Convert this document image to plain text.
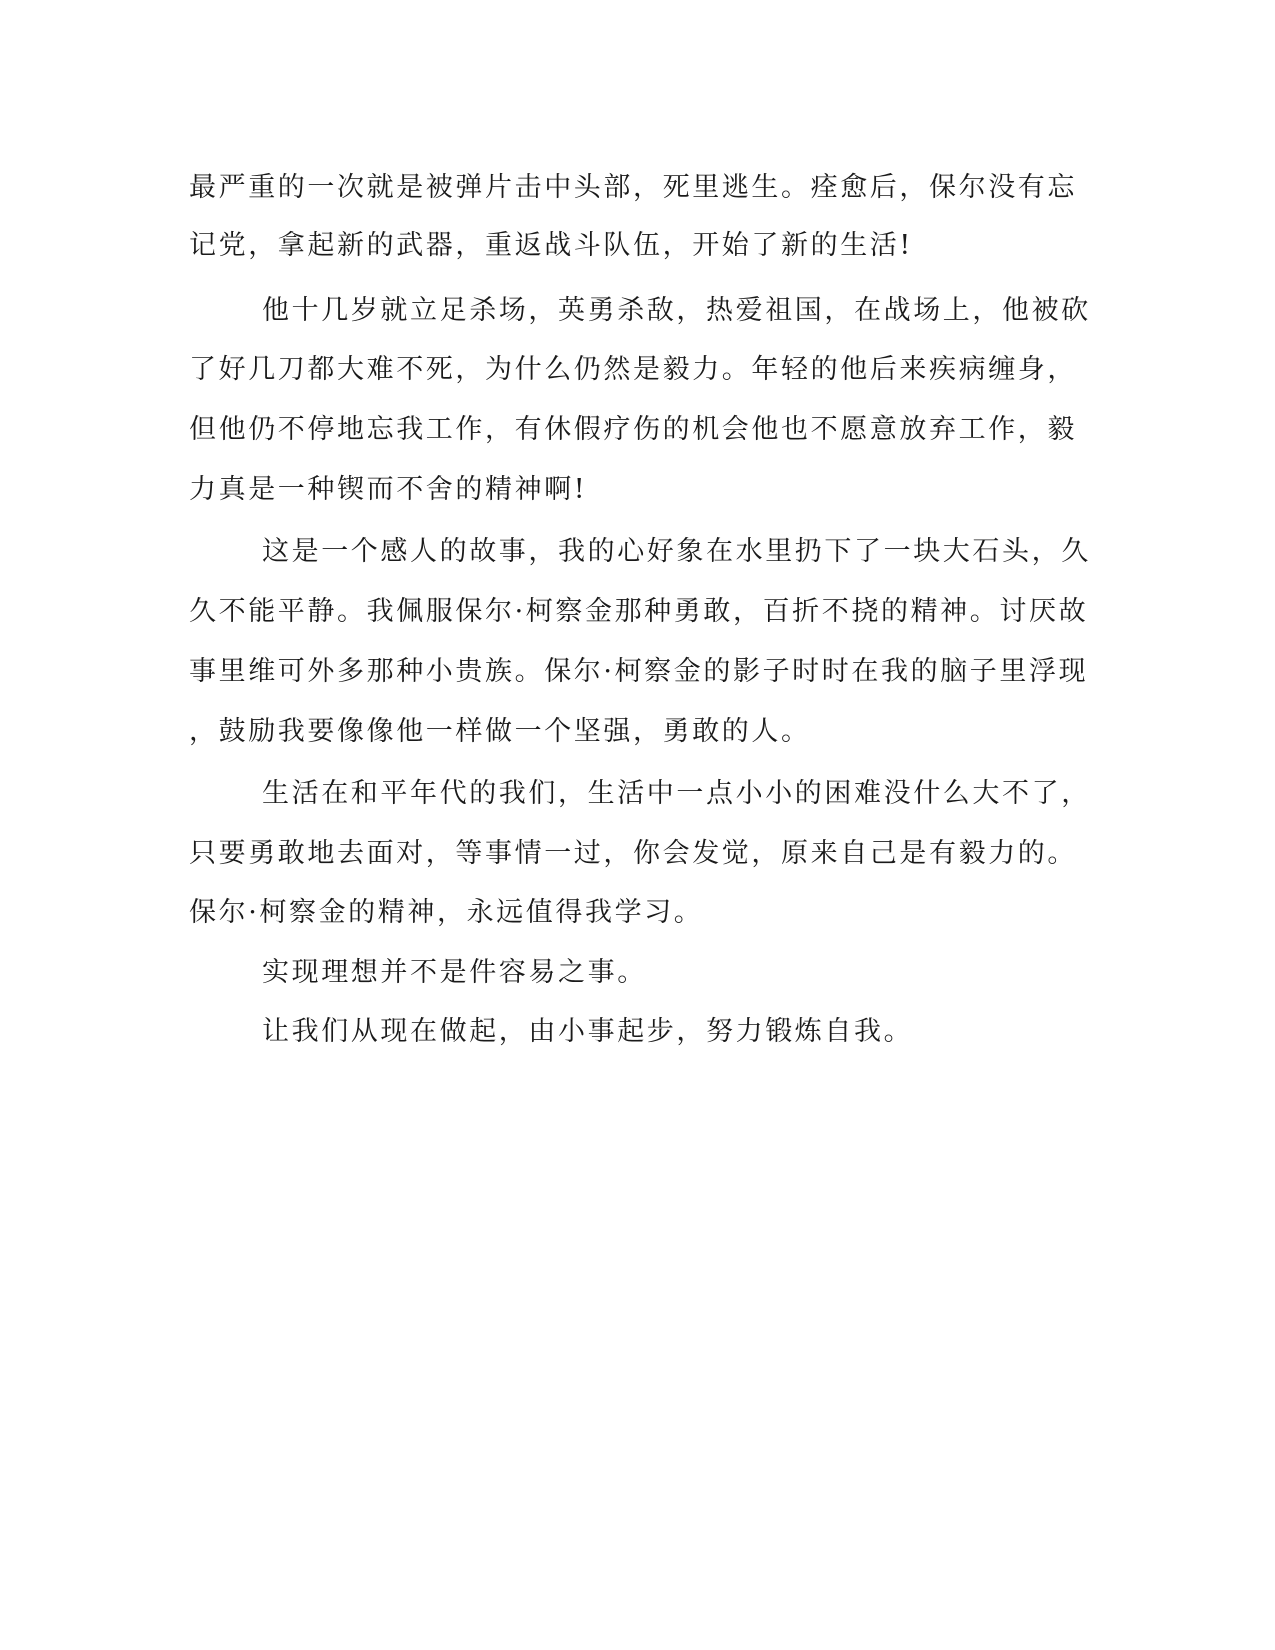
最严重的一次就是被弹片击中头部，死里逃生。痊愈后，保尔没有忘
记党，拿起新的武器，重返战斗队伍，开始了新的生活!
他十几岁就立足杀场，英勇杀敌，热爱祖国，在战场上，他被砍
了好几刀都大难不死，为什么仍然是毅力。年轻的他后来疾病缠身，
但他仍不停地忘我工作，有休假疗伤的机会他也不愿意放弃工作，毅
力真是一种锲而不舍的精神啊!
这是一个感人的故事，我的心好象在水里扔下了一块大石头，久
久不能平静。我佩服保尔·柯察金那种勇敢，百折不挠的精神。讨厌故
事里维可外多那种小贵族。保尔·柯察金的影子时时在我的脑子里浮现
，鼓励我要像像他一样做一个坚强，勇敢的人。
生活在和平年代的我们，生活中一点小小的困难没什么大不了，
只要勇敢地去面对，等事情一过，你会发觉，原来自己是有毅力的。
保尔·柯察金的精神，永远值得我学习。
实现理想并不是件容易之事。
让我们从现在做起，由小事起步，努力锻炼自我。
